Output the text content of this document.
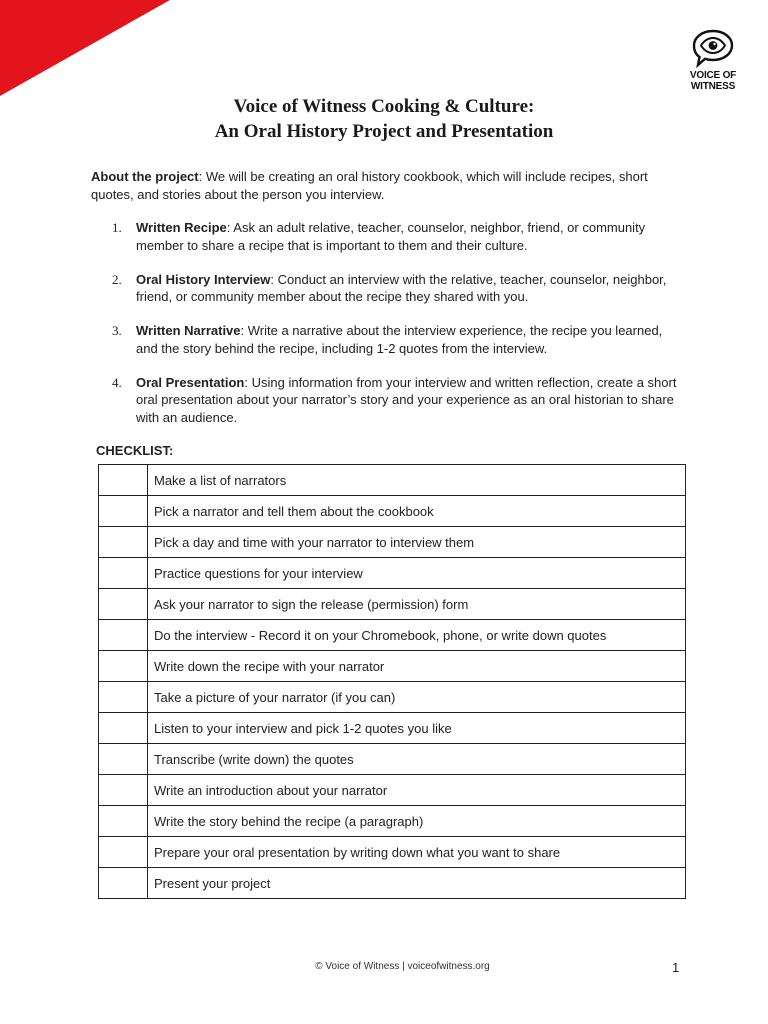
VOICE OF
WITNESS
Voice of Witness Cooking & Culture:
An Oral History Project and Presentation
About the project: We will be creating an oral history cookbook, which will include recipes, short quotes, and stories about the person you interview.
1. Written Recipe: Ask an adult relative, teacher, counselor, neighbor, friend, or community member to share a recipe that is important to them and their culture.
2. Oral History Interview: Conduct an interview with the relative, teacher, counselor, neighbor, friend, or community member about the recipe they shared with you.
3. Written Narrative: Write a narrative about the interview experience, the recipe you learned, and the story behind the recipe, including 1-2 quotes from the interview.
4. Oral Presentation: Using information from your interview and written reflection, create a short oral presentation about your narrator’s story and your experience as an oral historian to share with an audience.
CHECKLIST:
	Make a list of narrators
	Pick a narrator and tell them about the cookbook
	Pick a day and time with your narrator to interview them
	Practice questions for your interview
	Ask your narrator to sign the release (permission) form
	Do the interview - Record it on your Chromebook, phone, or write down quotes
	Write down the recipe with your narrator
	Take a picture of your narrator (if you can)
	Listen to your interview and pick 1-2 quotes you like
	Transcribe (write down) the quotes
	Write an introduction about your narrator
	Write the story behind the recipe (a paragraph)
	Prepare your oral presentation by writing down what you want to share
	Present your project
© Voice of Witness | voiceofwitness.org	1
